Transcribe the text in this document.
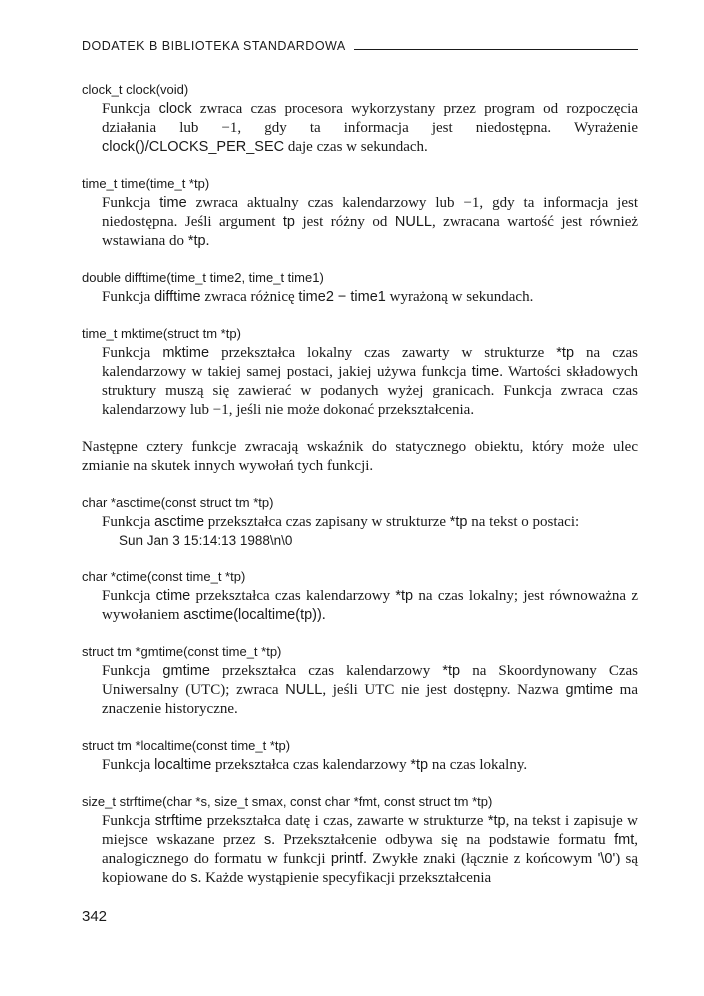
DODATEK B BIBLIOTEKA STANDARDOWA

clock_t clock(void)

Funkcja clock zwraca czas procesora wykorzystany przez program od rozpoczęcia działania lub −1, gdy ta informacja jest niedostępna. Wyrażenie clock()/CLOCKS_PER_SEC daje czas w sekundach.

time_t time(time_t *tp)

Funkcja time zwraca aktualny czas kalendarzowy lub −1, gdy ta informacja jest niedostępna. Jeśli argument tp jest różny od NULL, zwracana wartość jest również wstawiana do *tp.

double difftime(time_t time2, time_t time1)

Funkcja difftime zwraca różnicę time2 − time1 wyrażoną w sekundach.

time_t mktime(struct tm *tp)

Funkcja mktime przekształca lokalny czas zawarty w strukturze *tp na czas kalendarzowy w takiej samej postaci, jakiej używa funkcja time. Wartości składowych struktury muszą się zawierać w podanych wyżej granicach. Funkcja zwraca czas kalendarzowy lub −1, jeśli nie może dokonać przekształcenia.

Następne cztery funkcje zwracają wskaźnik do statycznego obiektu, który może ulec zmianie na skutek innych wywołań tych funkcji.

char *asctime(const struct tm *tp)

Funkcja asctime przekształca czas zapisany w strukturze *tp na tekst o postaci:

Sun Jan 3 15:14:13 1988\n\0

char *ctime(const time_t *tp)

Funkcja ctime przekształca czas kalendarzowy *tp na czas lokalny; jest równoważna z wywołaniem asctime(localtime(tp)).

struct tm *gmtime(const time_t *tp)

Funkcja gmtime przekształca czas kalendarzowy *tp na Skoordynowany Czas Uniwersalny (UTC); zwraca NULL, jeśli UTC nie jest dostępny. Nazwa gmtime ma znaczenie historyczne.

struct tm *localtime(const time_t *tp)

Funkcja localtime przekształca czas kalendarzowy *tp na czas lokalny.

size_t strftime(char *s, size_t smax, const char *fmt, const struct tm *tp)

Funkcja strftime przekształca datę i czas, zawarte w strukturze *tp, na tekst i zapisuje w miejsce wskazane przez s. Przekształcenie odbywa się na podstawie formatu fmt, analogicznego do formatu w funkcji printf. Zwykłe znaki (łącznie z końcowym '\0') są kopiowane do s. Każde wystąpienie specyfikacji przekształcenia

342
